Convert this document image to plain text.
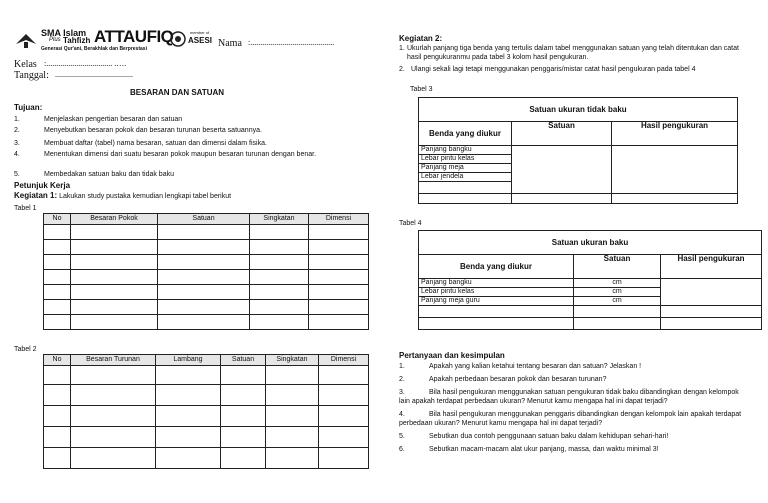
SMA Islam
Plus Tahfizh ATTAUFIQ
Generasi Qur'ani, Berakhlak dan Berprestasi
member of
ASESI Nama :..........................................
Kelas :................................. .….
Tanggal: .......................................
BESARAN DAN SATUAN
Tujuan:
1.	Menjelaskan pengertian besaran dan satuan
2.	Menyebutkan besaran pokok dan besaran turunan beserta satuannya.
3.	Membuat daftar (tabel) nama besaran, satuan dan dimensi dalam fisika.
4.	Menentukan dimensi dari suatu besaran pokok maupun besaran turunan dengan benar.
5.	Membedakan satuan baku dan tidak baku
Petunjuk Kerja
Kegiatan 1: Lakukan study pustaka kemudian lengkapi tabel berikut
Tabel 1
No	Besaran Pokok	Satuan	Singkatan	Dimensi

Tabel 2
No	Besaran Turunan	Lambang	Satuan	Singkatan	Dimensi

Kegiatan 2:
1. Ukurlah panjang tiga benda yang tertulis dalam tabel menggunakan satuan yang telah ditentukan dan catat hasil pengukuranmu pada tabel 3 kolom hasil pengukuran.
2. Ulangi sekali lagi tetapi menggunakan penggaris/mistar catat hasil pengukuran pada tabel 4
Tabel 3
Satuan ukuran tidak baku		
Benda yang diukur	Satuan	Hasil pengukuran
Panjang bangku		
Lebar pintu kelas		
Panjang meja		
Lebar jendela		

Tabel 4
Satuan ukuran baku		
Benda yang diukur	Satuan	Hasil pengukuran
Panjang bangku	cm	
Lebar pintu kelas	cm	
Panjang meja guru	cm	

Pertanyaan dan kesimpulan
1.	Apakah yang kalian ketahui tentang besaran dan satuan? Jelaskan !
2.	Apakah perbedaan besaran pokok dan besaran turunan?
3.	Bila hasil pengukuran menggunakan satuan pengukuran tidak baku dibandingkan dengan kelompok lain apakah terdapat perbedaan ukuran? Menurut kamu mengapa hal ini dapat terjadi?
4.	Bila hasil pengukuran menggunakan penggaris dibandingkan dengan kelompok lain apakah terdapat perbedaan ukuran? Menurut kamu mengapa hal ini dapat terjadi?
5.	Sebutkan dua contoh penggunaan satuan baku dalam kehidupan sehari-hari!
6.	Sebutkan macam-macam alat ukur panjang, massa, dan waktu minimal 3!
